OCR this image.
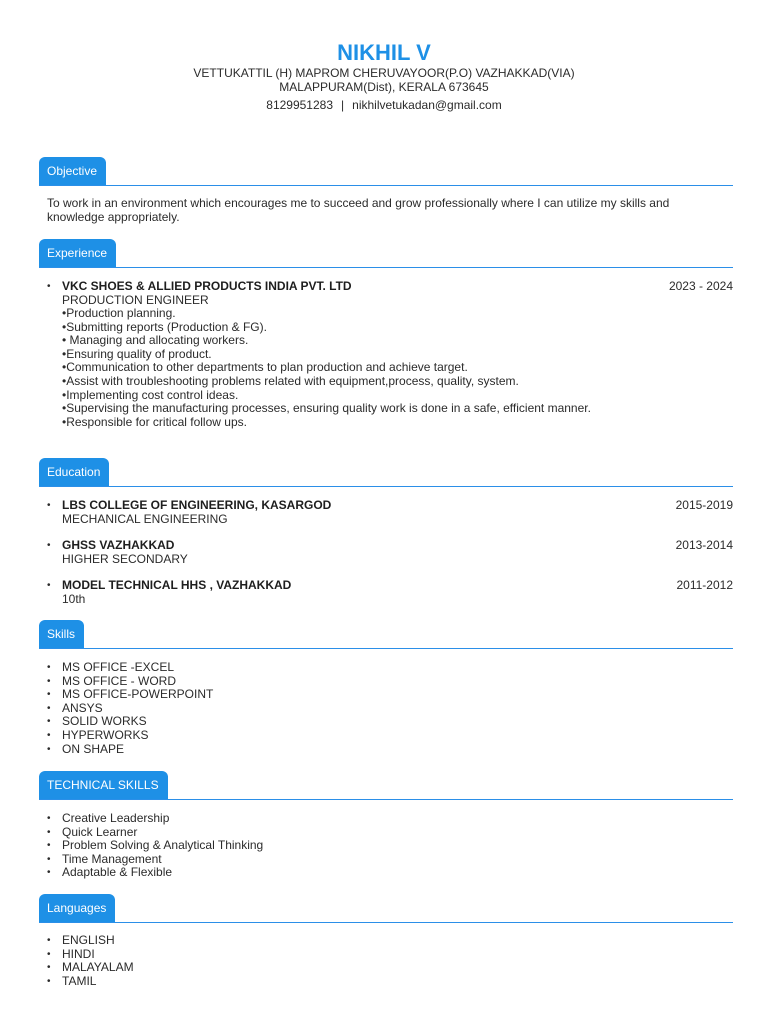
NIKHIL V
VETTUKATTIL (H) MAPROM CHERUVAYOOR(P.O) VAZHAKKAD(VIA)
MALAPPURAM(Dist), KERALA 673645
8129951283 | nikhilvetukadan@gmail.com
Objective
To work in an environment which encourages me to succeed and grow professionally where I can utilize my skills and knowledge appropriately.
Experience
• VKC SHOES & ALLIED PRODUCTS INDIA PVT. LTD	2023 - 2024
PRODUCTION ENGINEER
•Production planning.
•Submitting reports (Production & FG).
• Managing and allocating workers.
•Ensuring quality of product.
•Communication to other departments to plan production and achieve target.
•Assist with troubleshooting problems related with equipment,process, quality, system.
•Implementing cost control ideas.
•Supervising the manufacturing processes, ensuring quality work is done in a safe, efficient manner.
•Responsible for critical follow ups.
Education
• LBS COLLEGE OF ENGINEERING, KASARGOD	2015-2019
MECHANICAL ENGINEERING
• GHSS VAZHAKKAD	2013-2014
HIGHER SECONDARY
• MODEL TECHNICAL HHS , VAZHAKKAD	2011-2012
10th
Skills
• MS OFFICE -EXCEL
• MS OFFICE - WORD
• MS OFFICE-POWERPOINT
• ANSYS
• SOLID WORKS
• HYPERWORKS
• ON SHAPE
TECHNICAL SKILLS
• Creative Leadership
• Quick Learner
• Problem Solving & Analytical Thinking
• Time Management
• Adaptable & Flexible
Languages
• ENGLISH
• HINDI
• MALAYALAM
• TAMIL
